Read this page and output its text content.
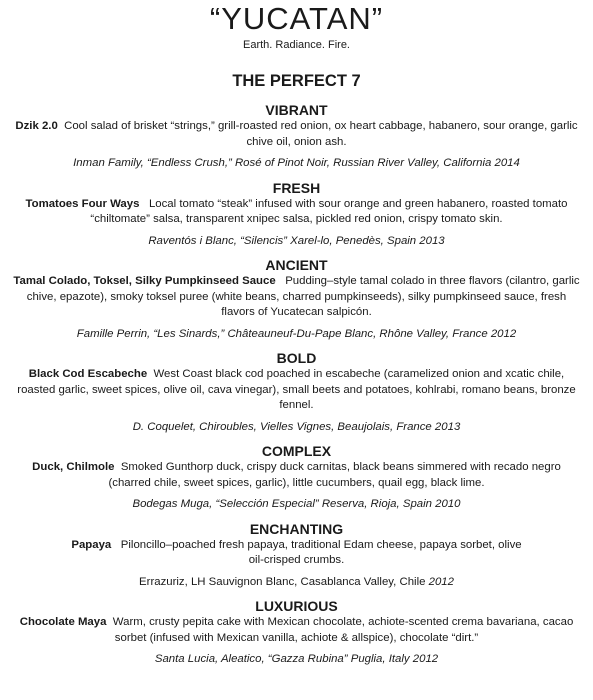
“YUCATAN”
Earth. Radiance. Fire.
THE PERFECT 7
VIBRANT

Dzik 2.0 Cool salad of brisket “strings,” grill-roasted red onion, ox heart cabbage, habanero, sour orange, garlic chive oil, onion ash.

Inman Family, “Endless Crush,” Rosé of Pinot Noir, Russian River Valley, California 2014
FRESH

Tomatoes Four Ways Local tomato “steak” infused with sour orange and green habanero, roasted tomato “chiltomate” salsa, transparent xnipec salsa, pickled red onion, crispy tomato skin.

Raventós i Blanc, “Silencis” Xarel-lo, Penedès, Spain 2013
ANCIENT

Tamal Colado, Toksel, Silky Pumpkinseed Sauce Pudding–style tamal colado in three flavors (cilantro, garlic chive, epazote), smoky toksel puree (white beans, charred pumpkinseeds), silky pumpkinseed sauce, fresh flavors of Yucatecan salpicón.

Famille Perrin, “Les Sinards,” Châteauneuf-Du-Pape Blanc, Rhône Valley, France 2012
BOLD

Black Cod Escabeche West Coast black cod poached in escabeche (caramelized onion and xcatic chile, roasted garlic, sweet spices, olive oil, cava vinegar), small beets and potatoes, kohlrabi, romano beans, bronze fennel.

D. Coquelet, Chiroubles, Vielles Vignes, Beaujolais, France 2013
COMPLEX

Duck, Chilmole Smoked Gunthorp duck, crispy duck carnitas, black beans simmered with recado negro (charred chile, sweet spices, garlic), little cucumbers, quail egg, black lime.

Bodegas Muga, “Selección Especial” Reserva, Rioja, Spain 2010
ENCHANTING

Papaya Piloncillo–poached fresh papaya, traditional Edam cheese, papaya sorbet, olive oil-crisped crumbs.

Errazuriz, LH Sauvignon Blanc, Casablanca Valley, Chile 2012
LUXURIOUS

Chocolate Maya Warm, crusty pepita cake with Mexican chocolate, achiote-scented crema bavariana, cacao sorbet (infused with Mexican vanilla, achiote & allspice), chocolate “dirt.”

Santa Lucia, Aleatico, “Gazza Rubina” Puglia, Italy 2012
